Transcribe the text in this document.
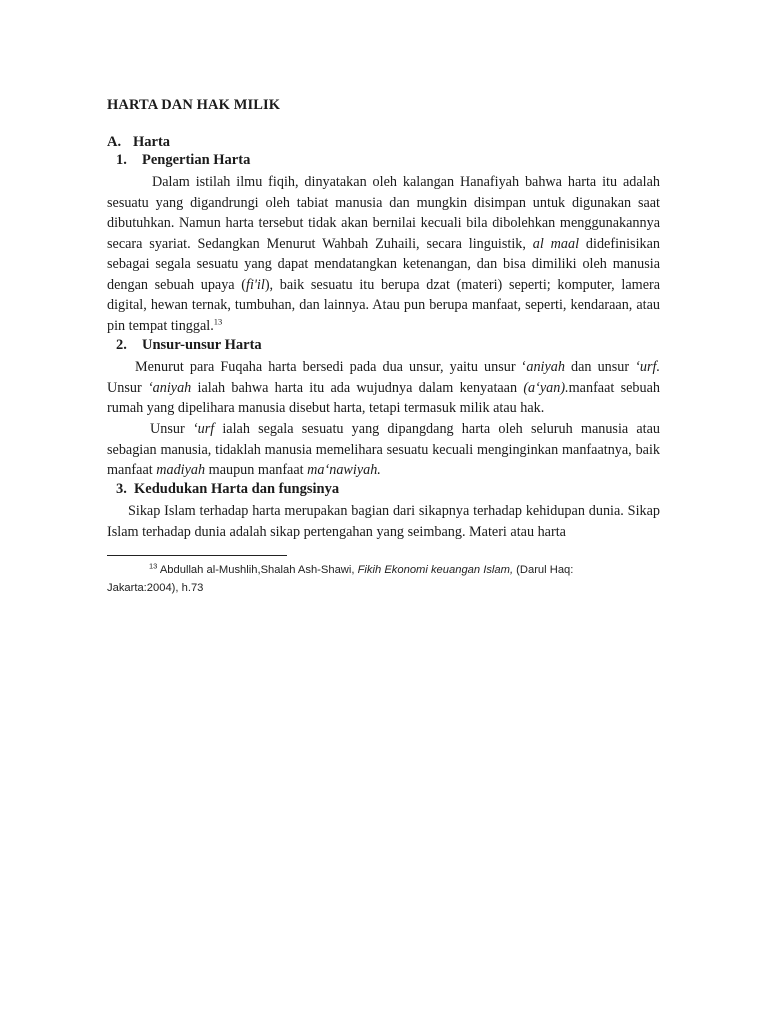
HARTA DAN HAK MILIK
A. Harta
1. Pengertian Harta
Dalam istilah ilmu fiqih, dinyatakan oleh kalangan Hanafiyah bahwa harta itu adalah sesuatu yang digandrungi oleh tabiat manusia dan mungkin disimpan untuk digunakan saat dibutuhkan. Namun harta tersebut tidak akan bernilai kecuali bila dibolehkan menggunakannya secara syariat. Sedangkan Menurut Wahbah Zuhaili, secara linguistik, al maal didefinisikan sebagai segala sesuatu yang dapat mendatangkan ketenangan, dan bisa dimiliki oleh manusia dengan sebuah upaya (fi'il), baik sesuatu itu berupa dzat (materi) seperti; komputer, lamera digital, hewan ternak, tumbuhan, dan lainnya. Atau pun berupa manfaat, seperti, kendaraan, atau pin tempat tinggal.$^{13}$
2. Unsur-unsur Harta
Menurut para Fuqaha harta bersedi pada dua unsur, yaitu unsur ‘aniyah dan unsur ‘urf. Unsur ‘aniyah ialah bahwa harta itu ada wujudnya dalam kenyataan (a‘yan).manfaat sebuah rumah yang dipelihara manusia disebut harta, tetapi termasuk milik atau hak.
Unsur ‘urf ialah segala sesuatu yang dipangdang harta oleh seluruh manusia atau sebagian manusia, tidaklah manusia memelihara sesuatu kecuali menginginkan manfaatnya, baik manfaat madiyah maupun manfaat ma‘nawiyah.
3. Kedudukan Harta dan fungsinya
Sikap Islam terhadap harta merupakan bagian dari sikapnya terhadap kehidupan dunia. Sikap Islam terhadap dunia adalah sikap pertengahan yang seimbang. Materi atau harta
$^{13}$ Abdullah al-Mushlih,Shalah Ash-Shawi, Fikih Ekonomi keuangan Islam, (Darul Haq: Jakarta:2004), h.73
